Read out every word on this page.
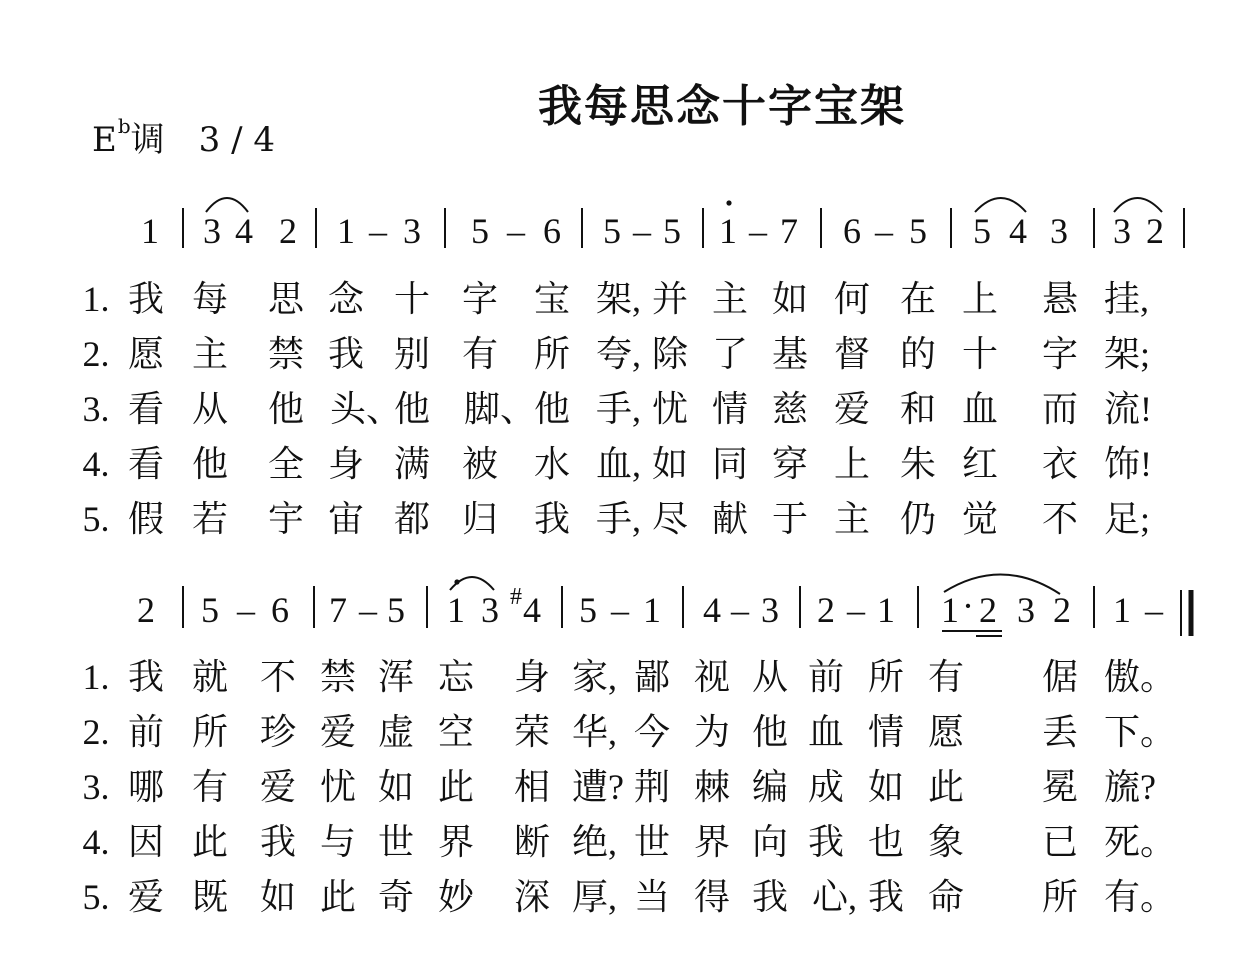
我每思念十字宝架
$E^b$调 3 / 4
1 3 4 2 1 – 3 5 – 6 5 – 5 1 – 7 6 – 5 5 4 3 3 2
2 5 – 6 7 – 5 1 3 # 4 5 – 1 4 – 3 2 – 1 1 · 2 3 2 1 –
1. 我 每 思 念 十 字 宝 架, 并 主 如 何 在 上 悬 挂,
2. 愿 主 禁 我 别 有 所 夸, 除 了 基 督 的 十 字 架;
3. 看 从 他 头、
他 脚、
他 手, 忧 情 慈 爱 和 血 而 流!
4. 看 他 全 身 满 被 水 血, 如 同 穿 上 朱 红 衣 饰!
5. 假 若 宇 宙 都 归 我 手, 尽 献 于 主 仍 觉 不 足;
1. 我 就 不 禁 浑 忘 身 家, 鄙 视 从 前 所 有 倨 傲。
2. 前 所 珍 爱 虚 空 荣 华, 今 为 他 血 情 愿 丢 下。
3. 哪 有 爱 忧 如 此 相 遭? 荆 棘 编 成 如 此 冕 旒?
4. 因 此 我 与 世 界 断 绝, 世 界 向 我 也 象 已 死。
5. 爱 既 如 此 奇 妙 深 厚, 当 得 我 心, 我 命 所 有。
